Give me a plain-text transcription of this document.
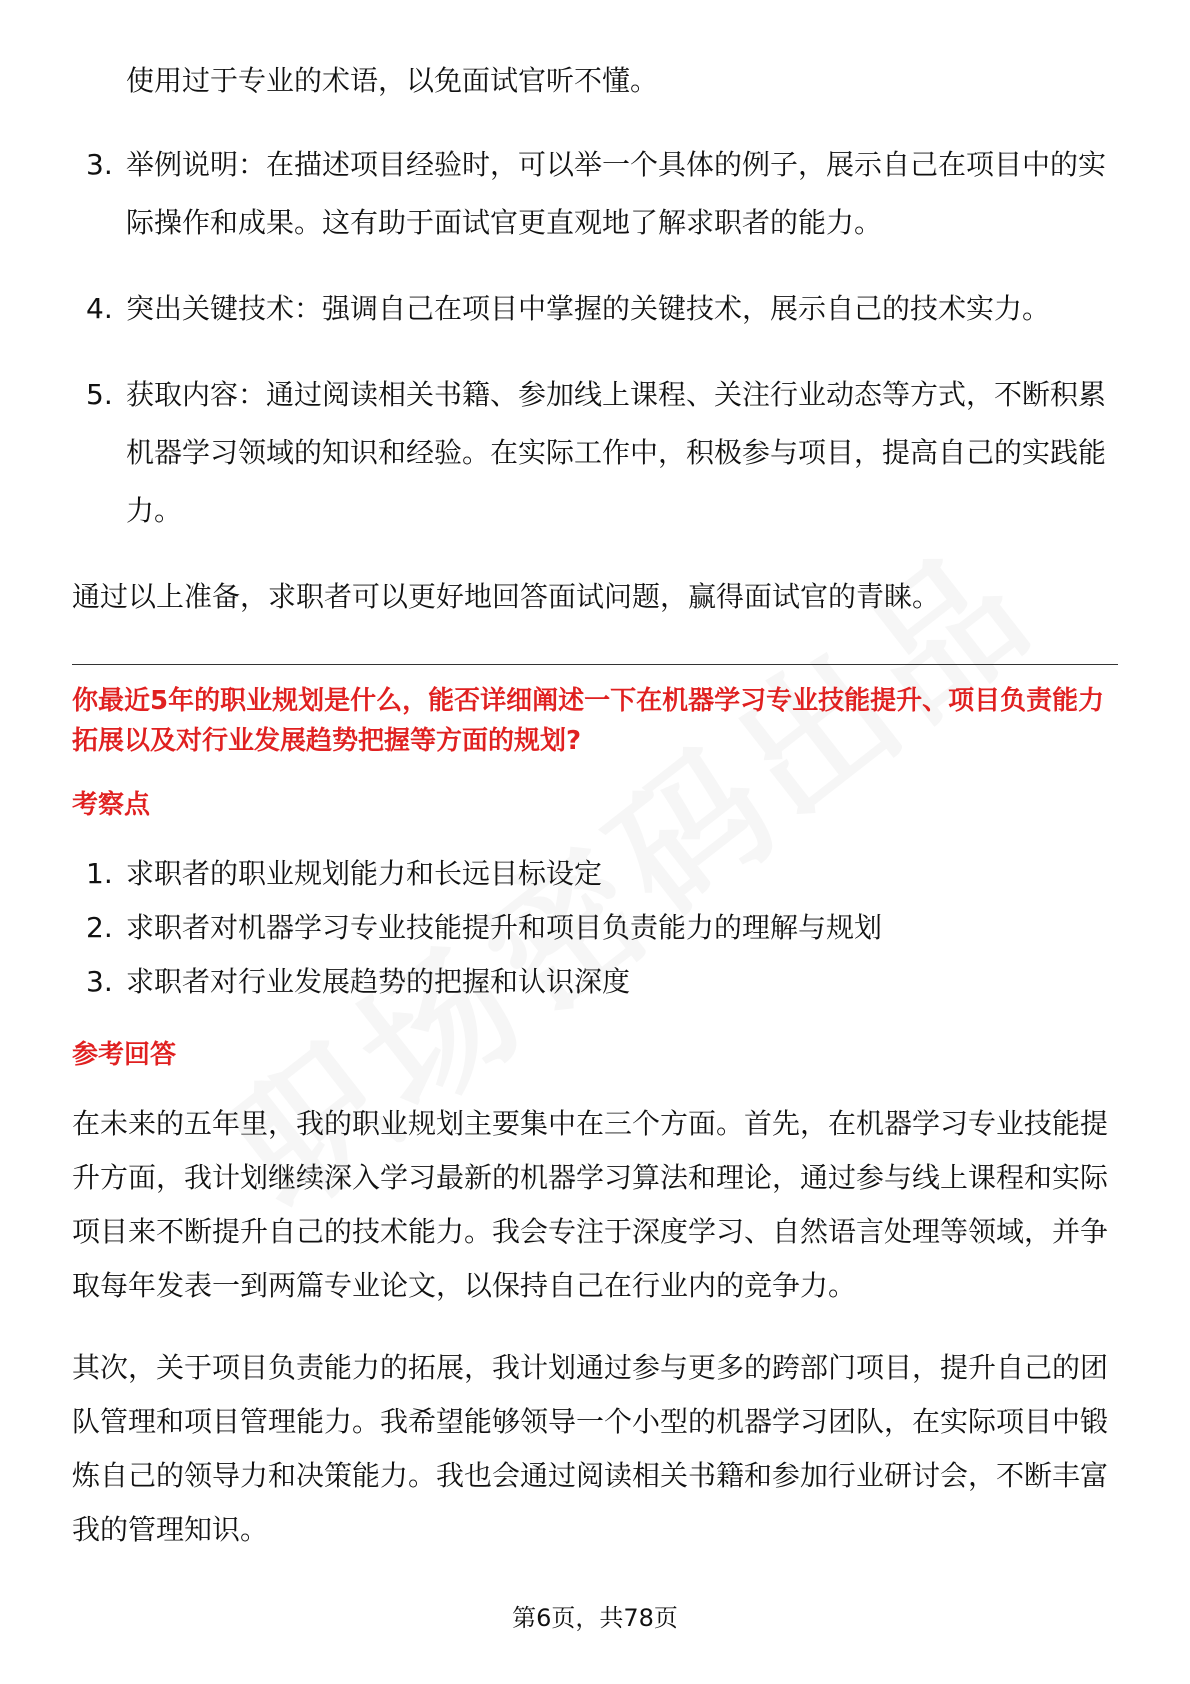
使用过于专业的术语，以免面试官听不懂。

3. 举例说明：在描述项目经验时，可以举一个具体的例子，展示自己在项目中的实际操作和成果。这有助于面试官更直观地了解求职者的能力。
4. 突出关键技术：强调自己在项目中掌握的关键技术，展示自己的技术实力。
5. 获取内容：通过阅读相关书籍、参加线上课程、关注行业动态等方式，不断积累机器学习领域的知识和经验。在实际工作中，积极参与项目，提高自己的实践能力。

通过以上准备，求职者可以更好地回答面试问题，赢得面试官的青睐。

你最近5年的职业规划是什么，能否详细阐述一下在机器学习专业技能提升、项目负责能力拓展以及对行业发展趋势把握等方面的规划?

考察点

1. 求职者的职业规划能力和长远目标设定
2. 求职者对机器学习专业技能提升和项目负责能力的理解与规划
3. 求职者对行业发展趋势的把握和认识深度

参考回答

在未来的五年里，我的职业规划主要集中在三个方面。首先，在机器学习专业技能提升方面，我计划继续深入学习最新的机器学习算法和理论，通过参与线上课程和实际项目来不断提升自己的技术能力。我会专注于深度学习、自然语言处理等领域，并争取每年发表一到两篇专业论文，以保持自己在行业内的竞争力。

其次，关于项目负责能力的拓展，我计划通过参与更多的跨部门项目，提升自己的团队管理和项目管理能力。我希望能够领导一个小型的机器学习团队，在实际项目中锻炼自己的领导力和决策能力。我也会通过阅读相关书籍和参加行业研讨会，不断丰富我的管理知识。

第6页，共78页
